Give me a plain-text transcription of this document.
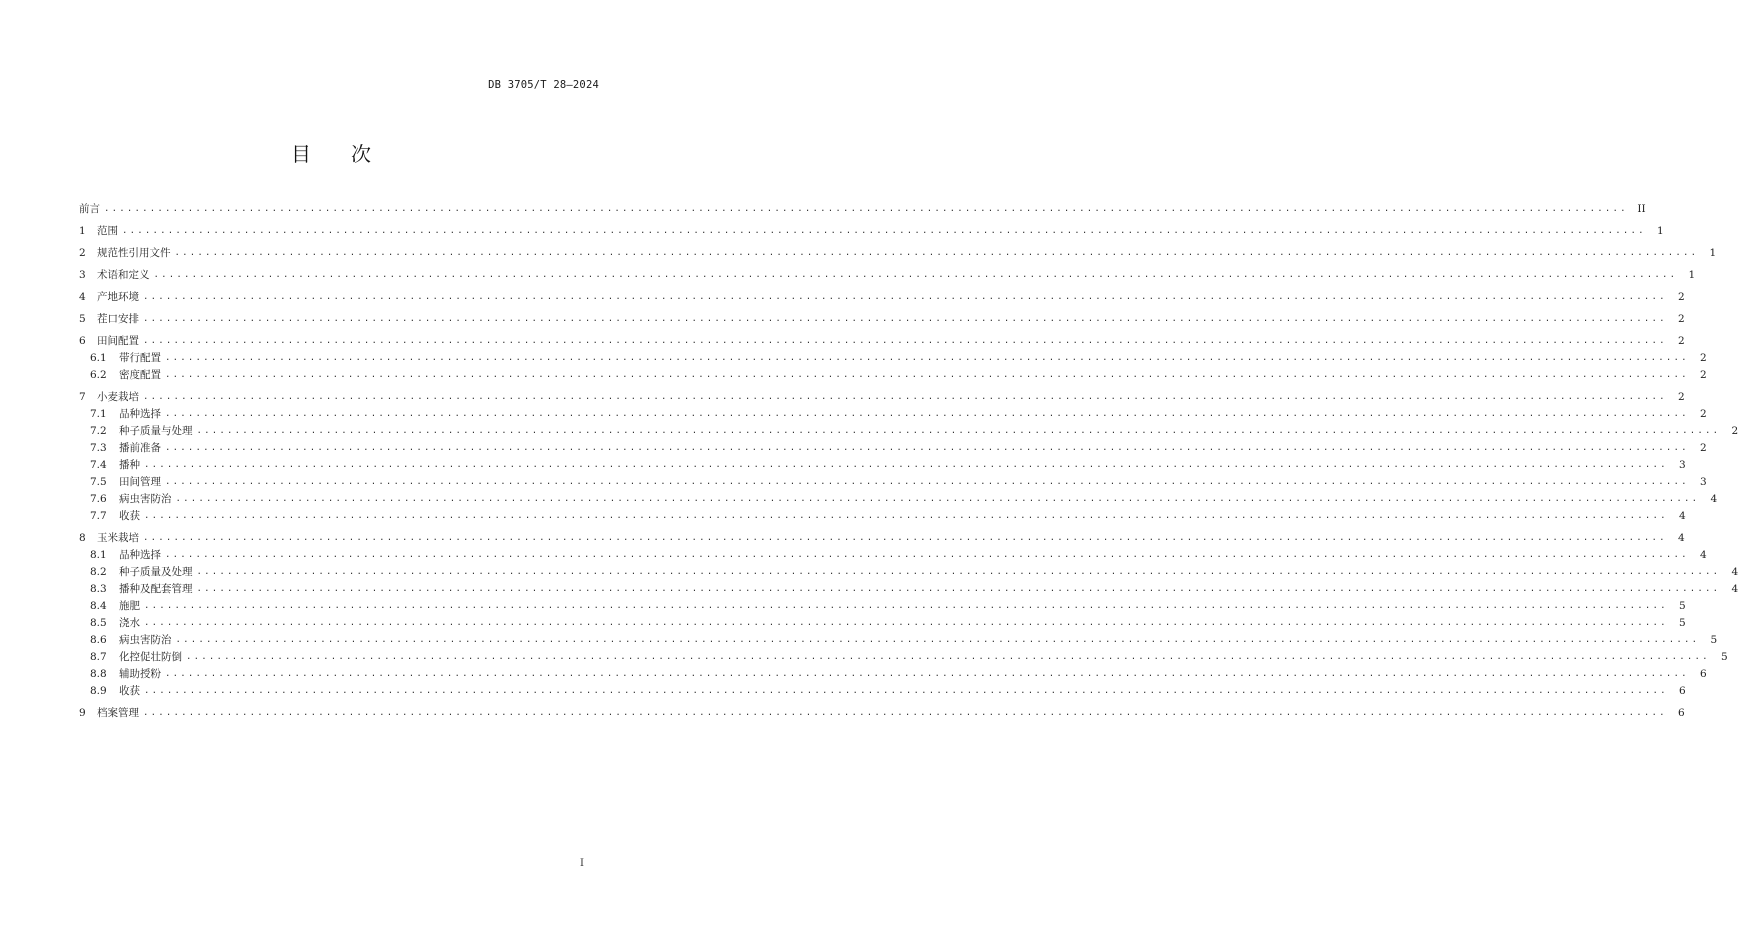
DB 3705/T 28—2024
目 次
前言 ........................................................................................................................................................................................................ II
1	范围 ........................................................................................................................................................................................................	1
2	规范性引用文件 ........................................................................................................................................................................................................	1
3	术语和定义 ........................................................................................................................................................................................................	1
4	产地环境 ........................................................................................................................................................................................................	2
5	茬口安排 ........................................................................................................................................................................................................	2
6	田间配置 ........................................................................................................................................................................................................	2
6.1	带行配置 ........................................................................................................................................................................................................	2
6.2	密度配置 ........................................................................................................................................................................................................	2
7	小麦栽培 ........................................................................................................................................................................................................	2
7.1	品种选择 ........................................................................................................................................................................................................	2
7.2	种子质量与处理 ........................................................................................................................................................................................................	2
7.3	播前准备 ........................................................................................................................................................................................................	2
7.4	播种 ........................................................................................................................................................................................................	3
7.5	田间管理 ........................................................................................................................................................................................................	3
7.6	病虫害防治 ........................................................................................................................................................................................................	4
7.7	收获 ........................................................................................................................................................................................................	4
8	玉米栽培 ........................................................................................................................................................................................................	4
8.1	品种选择 ........................................................................................................................................................................................................	4
8.2	种子质量及处理 ........................................................................................................................................................................................................	4
8.3	播种及配套管理 ........................................................................................................................................................................................................	4
8.4	施肥 ........................................................................................................................................................................................................	5
8.5	浇水 ........................................................................................................................................................................................................	5
8.6	病虫害防治 ........................................................................................................................................................................................................	5
8.7	化控促壮防倒 ........................................................................................................................................................................................................	5
8.8	辅助授粉 ........................................................................................................................................................................................................	6
8.9	收获 ........................................................................................................................................................................................................	6
9	档案管理 ........................................................................................................................................................................................................	6
I
